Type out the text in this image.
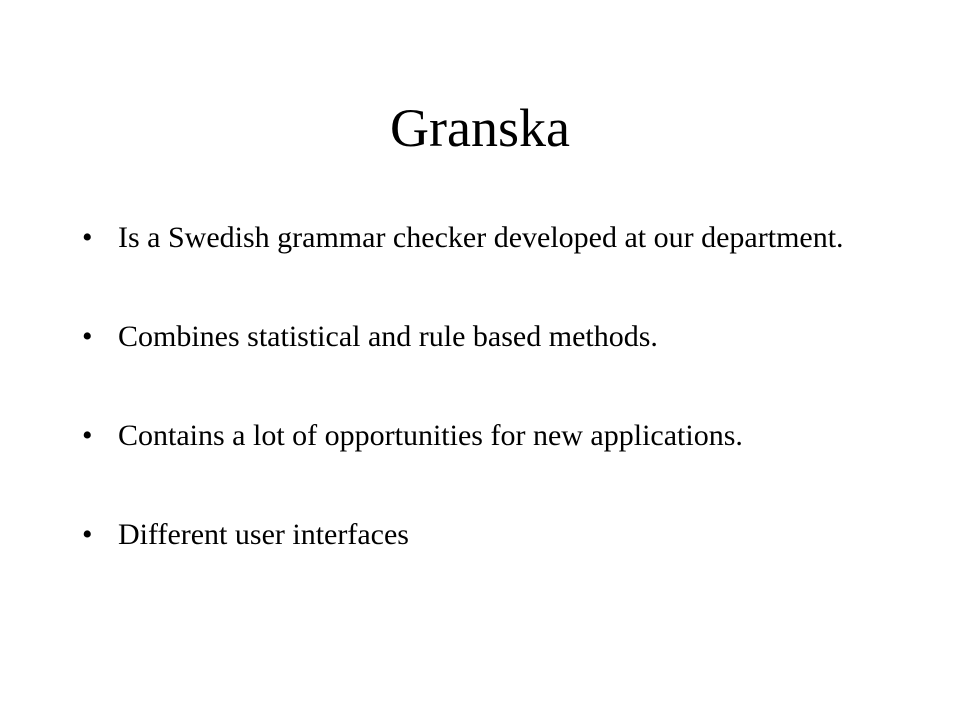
Granska
• Is a Swedish grammar checker developed at our department.
• Combines statistical and rule based methods.
• Contains a lot of opportunities for new applications.
• Different user interfaces
